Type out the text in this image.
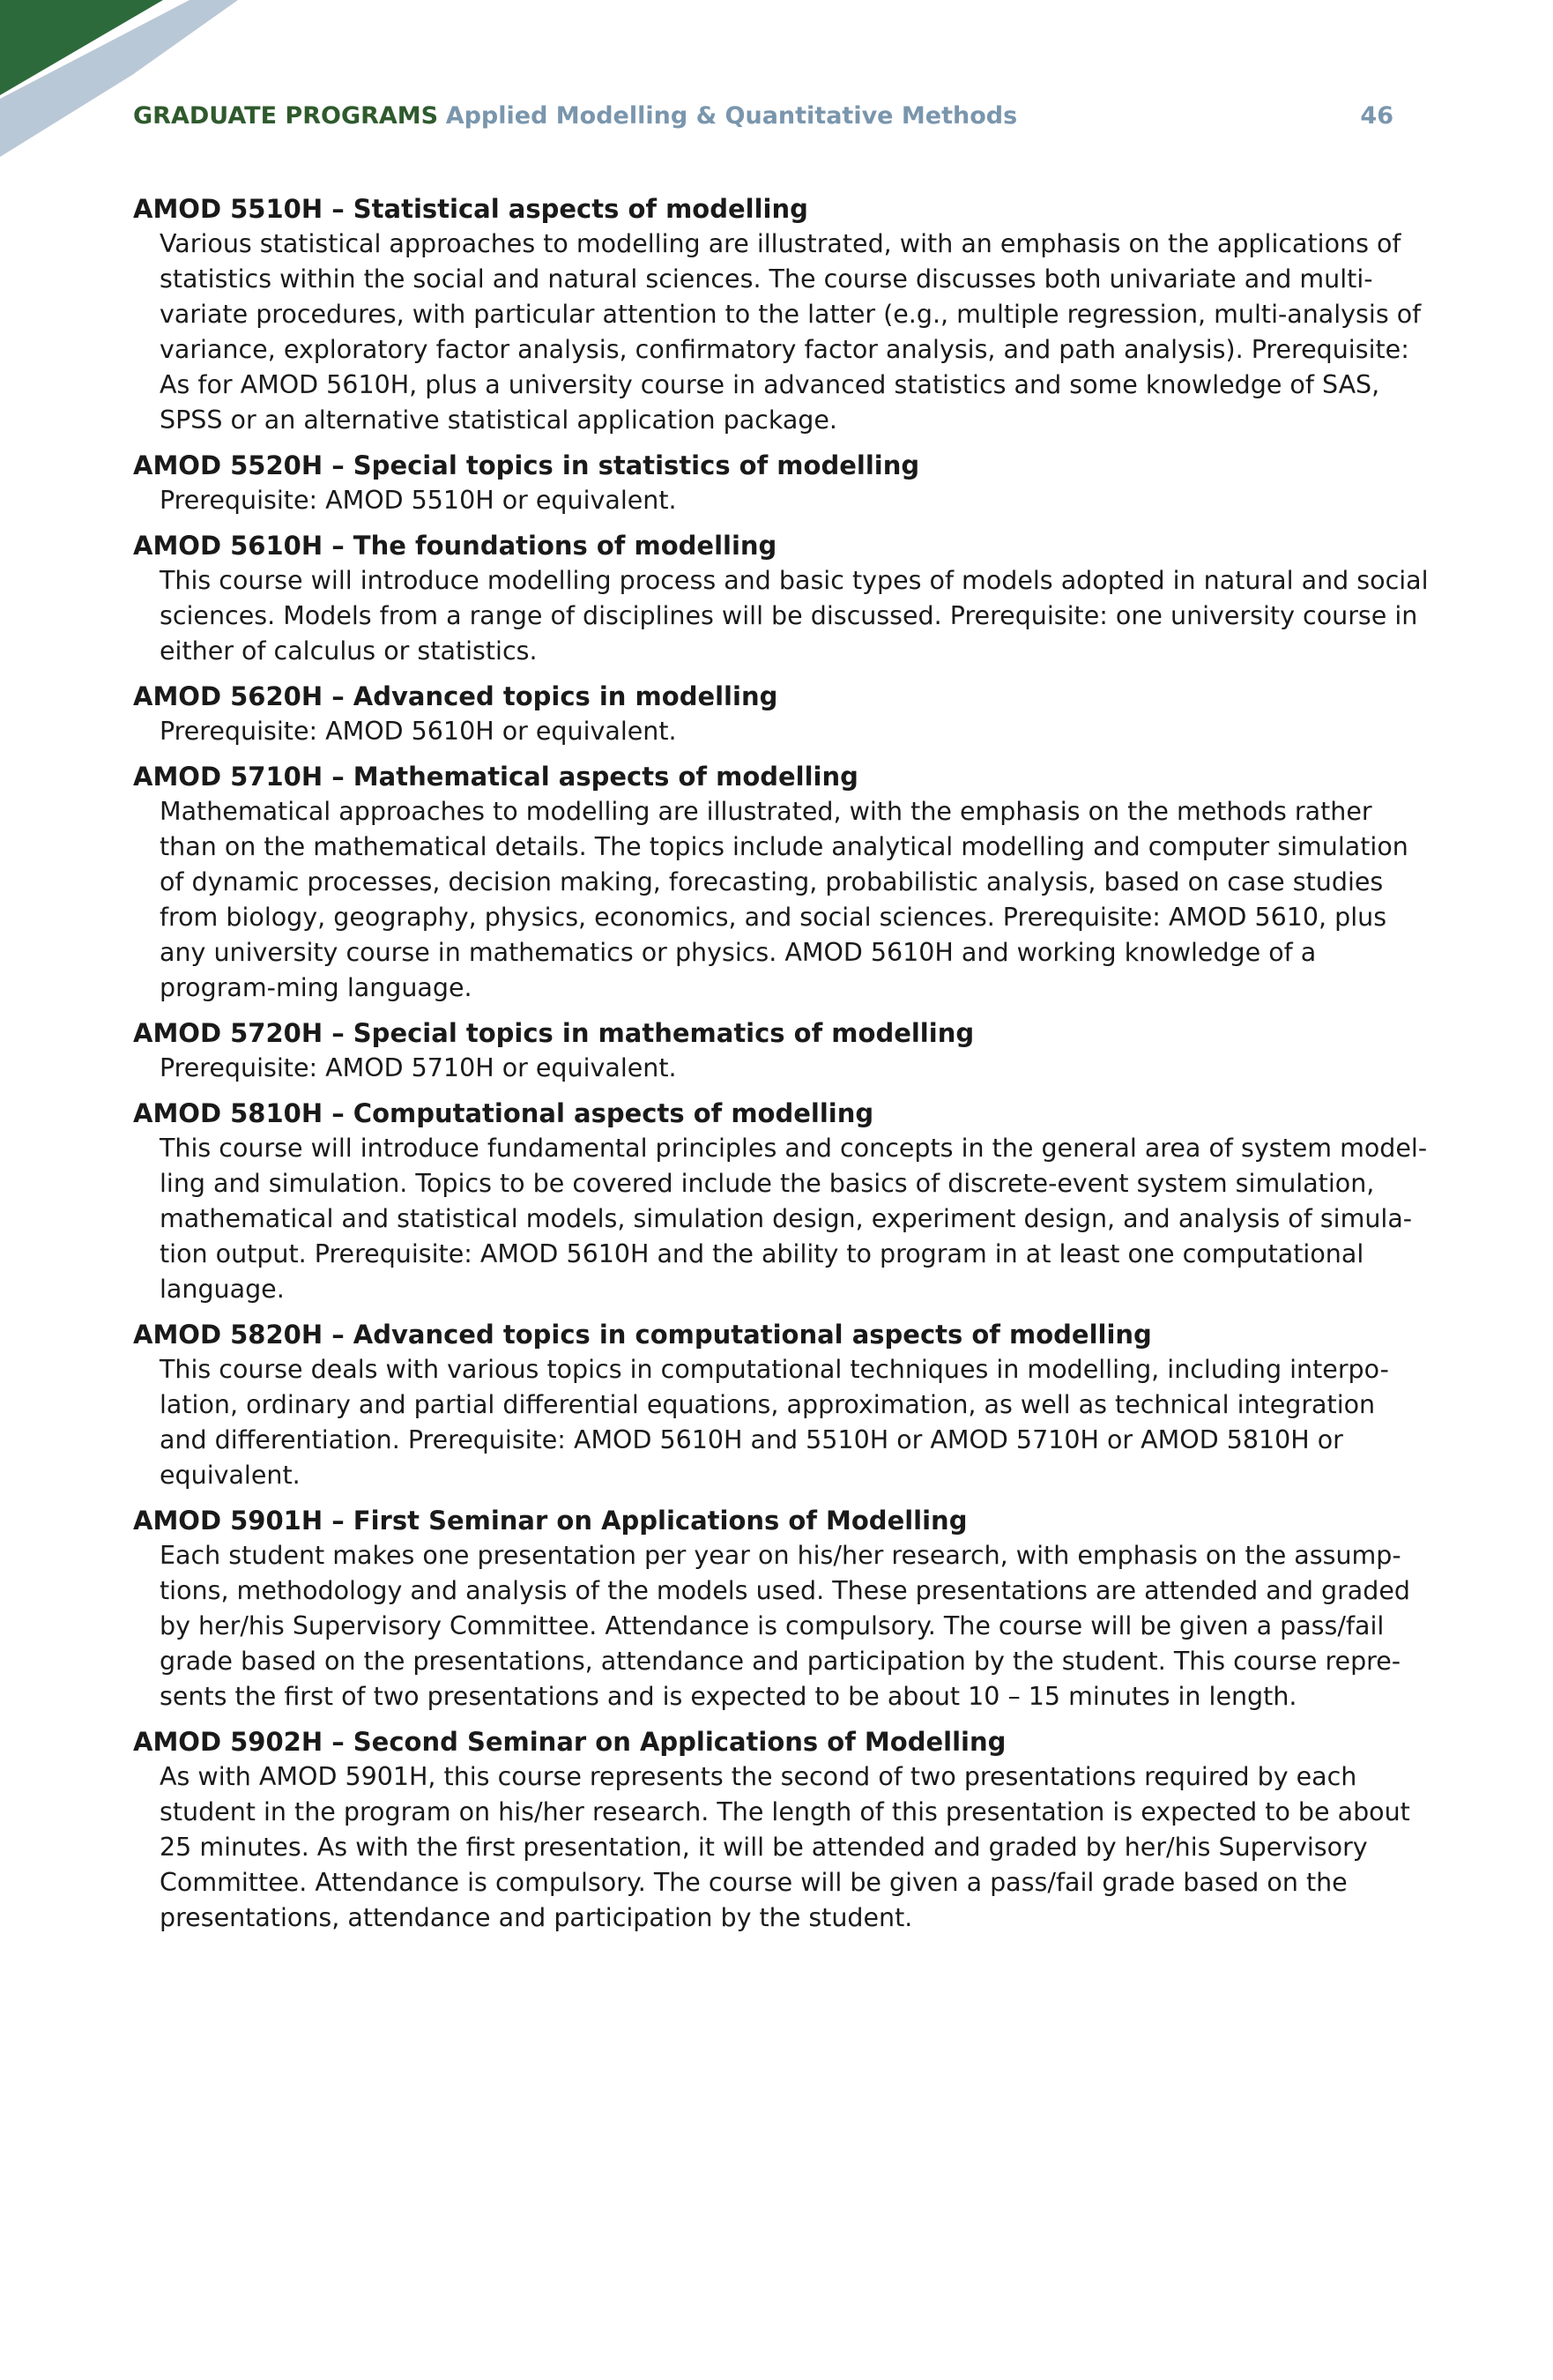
GRADUATE PROGRAMS Applied Modelling & Quantitative Methods	46
AMOD 5510H – Statistical aspects of modelling
Various statistical approaches to modelling are illustrated, with an emphasis on the applications of statistics within the social and natural sciences. The course discusses both univariate and multi-variate procedures, with particular attention to the latter (e.g., multiple regression, multi-analysis of variance, exploratory factor analysis, confirmatory factor analysis, and path analysis). Prerequisite: As for AMOD 5610H, plus a university course in advanced statistics and some knowledge of SAS, SPSS or an alternative statistical application package.
AMOD 5520H – Special topics in statistics of modelling
Prerequisite: AMOD 5510H or equivalent.
AMOD 5610H – The foundations of modelling
This course will introduce modelling process and basic types of models adopted in natural and social sciences. Models from a range of disciplines will be discussed. Prerequisite: one university course in either of calculus or statistics.
AMOD 5620H – Advanced topics in modelling
Prerequisite: AMOD 5610H or equivalent.
AMOD 5710H – Mathematical aspects of modelling
Mathematical approaches to modelling are illustrated, with the emphasis on the methods rather than on the mathematical details. The topics include analytical modelling and computer simulation of dynamic processes, decision making, forecasting, probabilistic analysis, based on case studies from biology, geography, physics, economics, and social sciences. Prerequisite: AMOD 5610, plus any university course in mathematics or physics. AMOD 5610H and working knowledge of a program-ming language.
AMOD 5720H – Special topics in mathematics of modelling
Prerequisite: AMOD 5710H or equivalent.
AMOD 5810H – Computational aspects of modelling
This course will introduce fundamental principles and concepts in the general area of system model-ling and simulation. Topics to be covered include the basics of discrete-event system simulation, mathematical and statistical models, simulation design, experiment design, and analysis of simula-tion output. Prerequisite: AMOD 5610H and the ability to program in at least one computational language.
AMOD 5820H – Advanced topics in computational aspects of modelling
This course deals with various topics in computational techniques in modelling, including interpo-lation, ordinary and partial differential equations, approximation, as well as technical integration and differentiation. Prerequisite: AMOD 5610H and 5510H or AMOD 5710H or AMOD 5810H or equivalent.
AMOD 5901H – First Seminar on Applications of Modelling
Each student makes one presentation per year on his/her research, with emphasis on the assump-tions, methodology and analysis of the models used. These presentations are attended and graded by her/his Supervisory Committee. Attendance is compulsory. The course will be given a pass/fail grade based on the presentations, attendance and participation by the student. This course repre-sents the first of two presentations and is expected to be about 10 – 15 minutes in length.
AMOD 5902H – Second Seminar on Applications of Modelling
As with AMOD 5901H, this course represents the second of two presentations required by each student in the program on his/her research. The length of this presentation is expected to be about 25 minutes. As with the first presentation, it will be attended and graded by her/his Supervisory Committee. Attendance is compulsory. The course will be given a pass/fail grade based on the presentations, attendance and participation by the student.
